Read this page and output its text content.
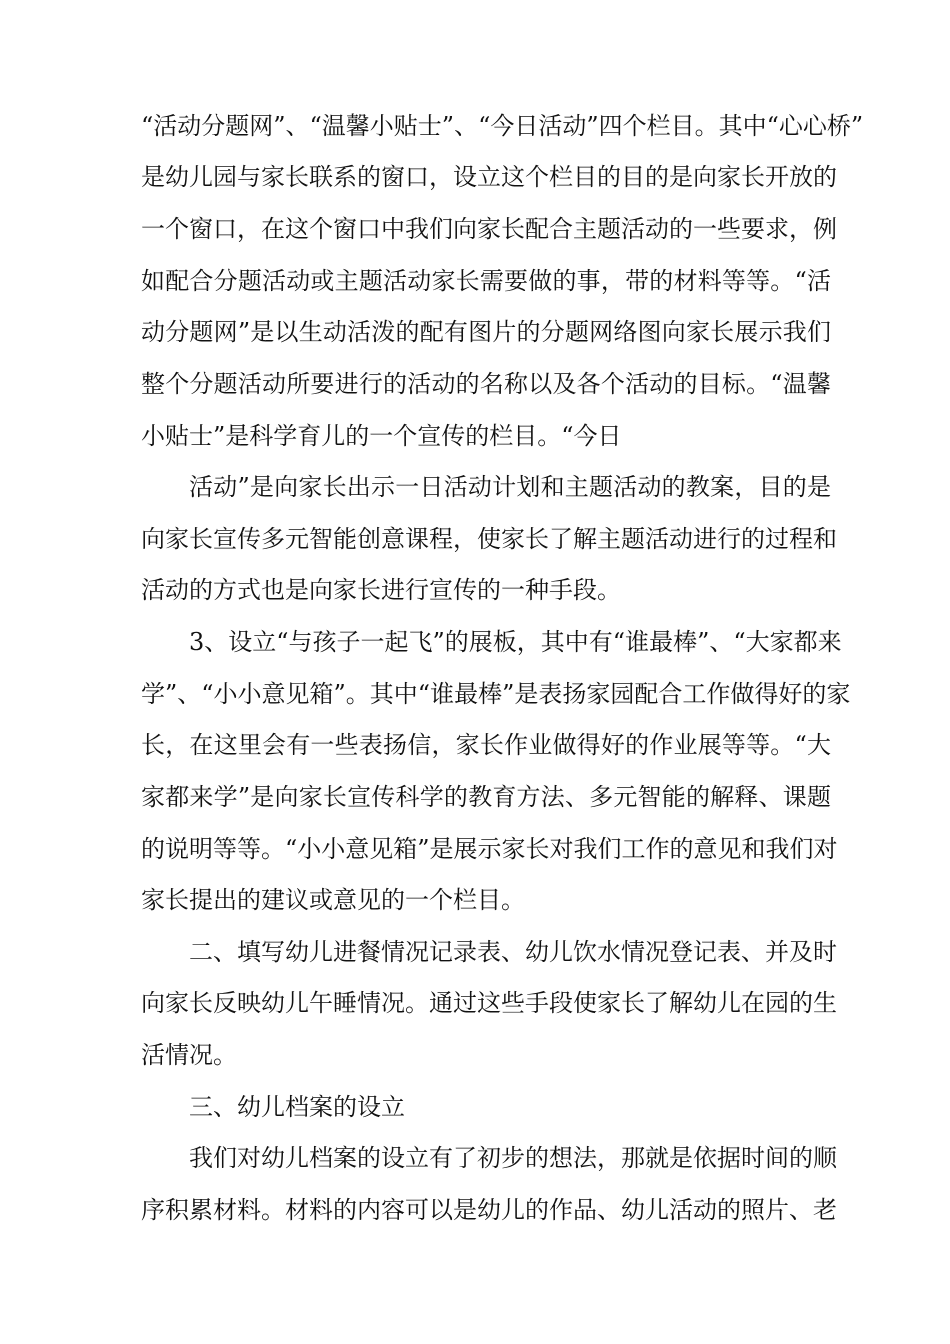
“活动分题网”、“温馨小贴士”、“今日活动”四个栏目。其中“心心桥”
是幼儿园与家长联系的窗口，设立这个栏目的目的是向家长开放的
一个窗口，在这个窗口中我们向家长配合主题活动的一些要求，例
如配合分题活动或主题活动家长需要做的事，带的材料等等。“活
动分题网”是以生动活泼的配有图片的分题网络图向家长展示我们
整个分题活动所要进行的活动的名称以及各个活动的目标。“温馨
小贴士”是科学育儿的一个宣传的栏目。“今日
活动”是向家长出示一日活动计划和主题活动的教案，目的是
向家长宣传多元智能创意课程，使家长了解主题活动进行的过程和
活动的方式也是向家长进行宣传的一种手段。
3、设立“与孩子一起飞”的展板，其中有“谁最棒”、“大家都来
学”、“小小意见箱”。其中“谁最棒”是表扬家园配合工作做得好的家
长，在这里会有一些表扬信，家长作业做得好的作业展等等。“大
家都来学”是向家长宣传科学的教育方法、多元智能的解释、课题
的说明等等。“小小意见箱”是展示家长对我们工作的意见和我们对
家长提出的建议或意见的一个栏目。
二、填写幼儿进餐情况记录表、幼儿饮水情况登记表、并及时
向家长反映幼儿午睡情况。通过这些手段使家长了解幼儿在园的生
活情况。
三、幼儿档案的设立
我们对幼儿档案的设立有了初步的想法，那就是依据时间的顺
序积累材料。材料的内容可以是幼儿的作品、幼儿活动的照片、老
